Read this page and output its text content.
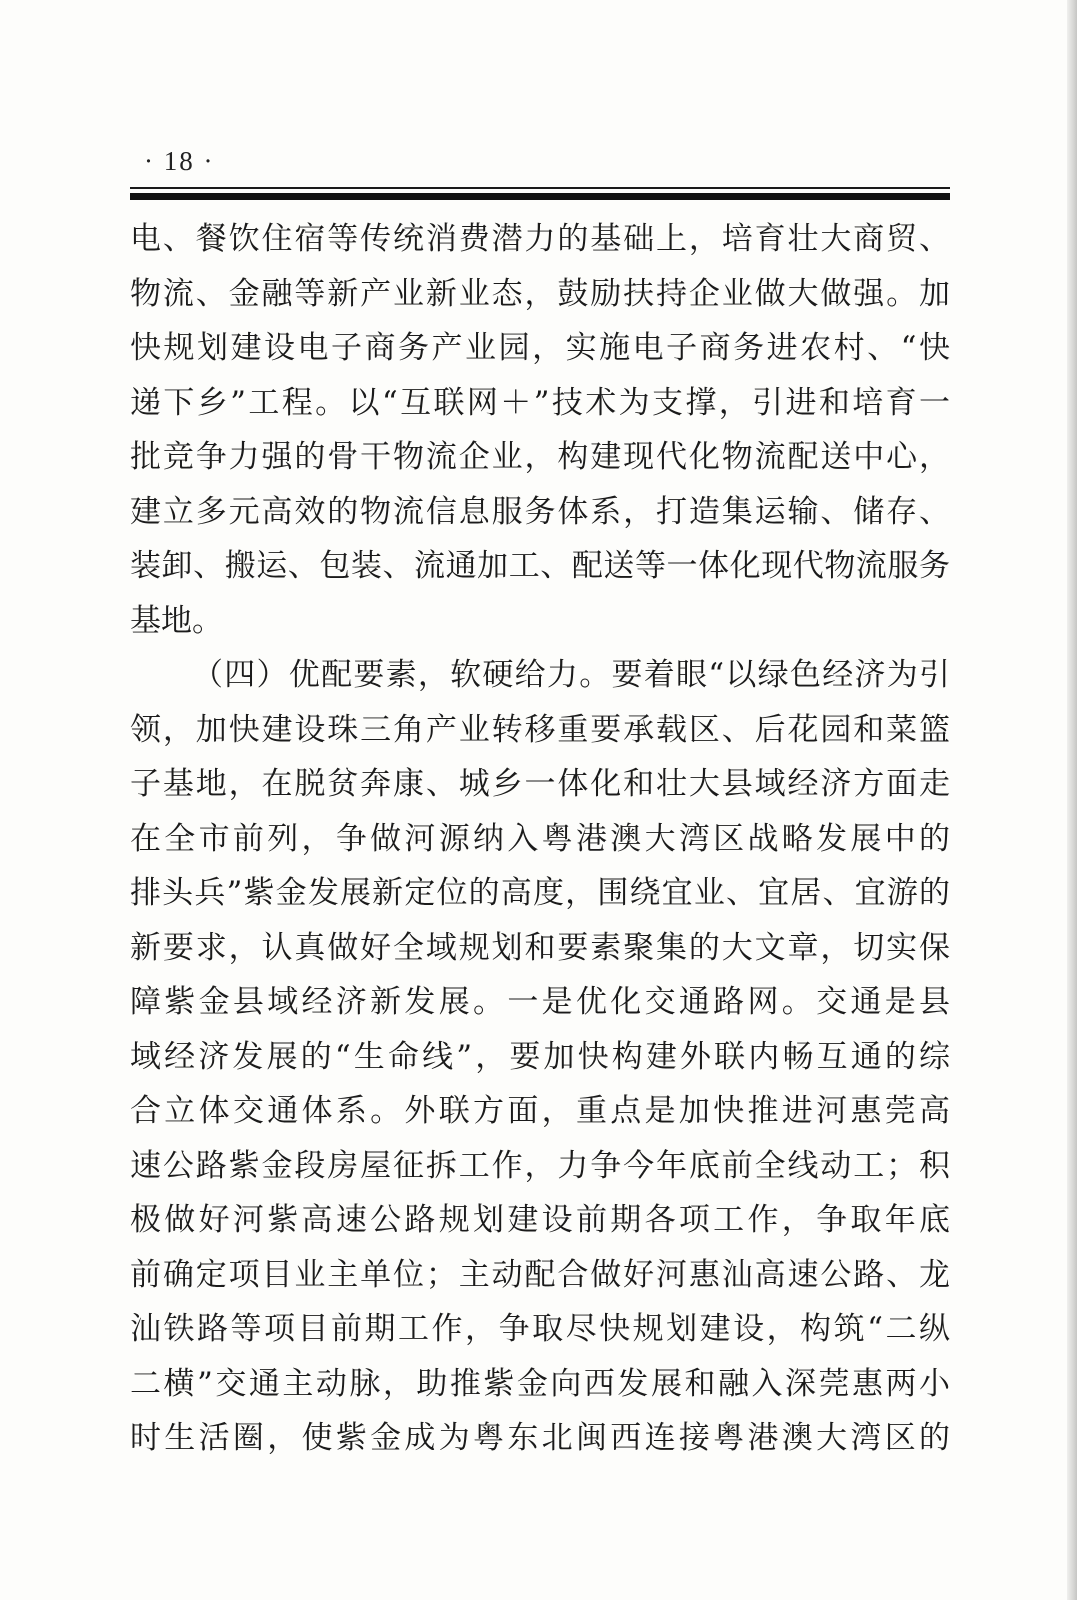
· 18 ·
电、餐饮住宿等传统消费潜力的基础上，培育壮大商贸、
物流、金融等新产业新业态，鼓励扶持企业做大做强。加
快规划建设电子商务产业园，实施电子商务进农村、“快
递下乡”工程。以“互联网＋”技术为支撑，引进和培育一
批竞争力强的骨干物流企业，构建现代化物流配送中心，
建立多元高效的物流信息服务体系，打造集运输、储存、
装卸、搬运、包装、流通加工、配送等一体化现代物流服务
基地。
（四）优配要素，软硬给力。要着眼“以绿色经济为引
领，加快建设珠三角产业转移重要承载区、后花园和菜篮
子基地，在脱贫奔康、城乡一体化和壮大县域经济方面走
在全市前列，争做河源纳入粤港澳大湾区战略发展中的
排头兵”紫金发展新定位的高度，围绕宜业、宜居、宜游的
新要求，认真做好全域规划和要素聚集的大文章，切实保
障紫金县域经济新发展。一是优化交通路网。交通是县
域经济发展的“生命线”，要加快构建外联内畅互通的综
合立体交通体系。外联方面，重点是加快推进河惠莞高
速公路紫金段房屋征拆工作，力争今年底前全线动工；积
极做好河紫高速公路规划建设前期各项工作，争取年底
前确定项目业主单位；主动配合做好河惠汕高速公路、龙
汕铁路等项目前期工作，争取尽快规划建设，构筑“二纵
二横”交通主动脉，助推紫金向西发展和融入深莞惠两小
时生活圈，使紫金成为粤东北闽西连接粤港澳大湾区的
